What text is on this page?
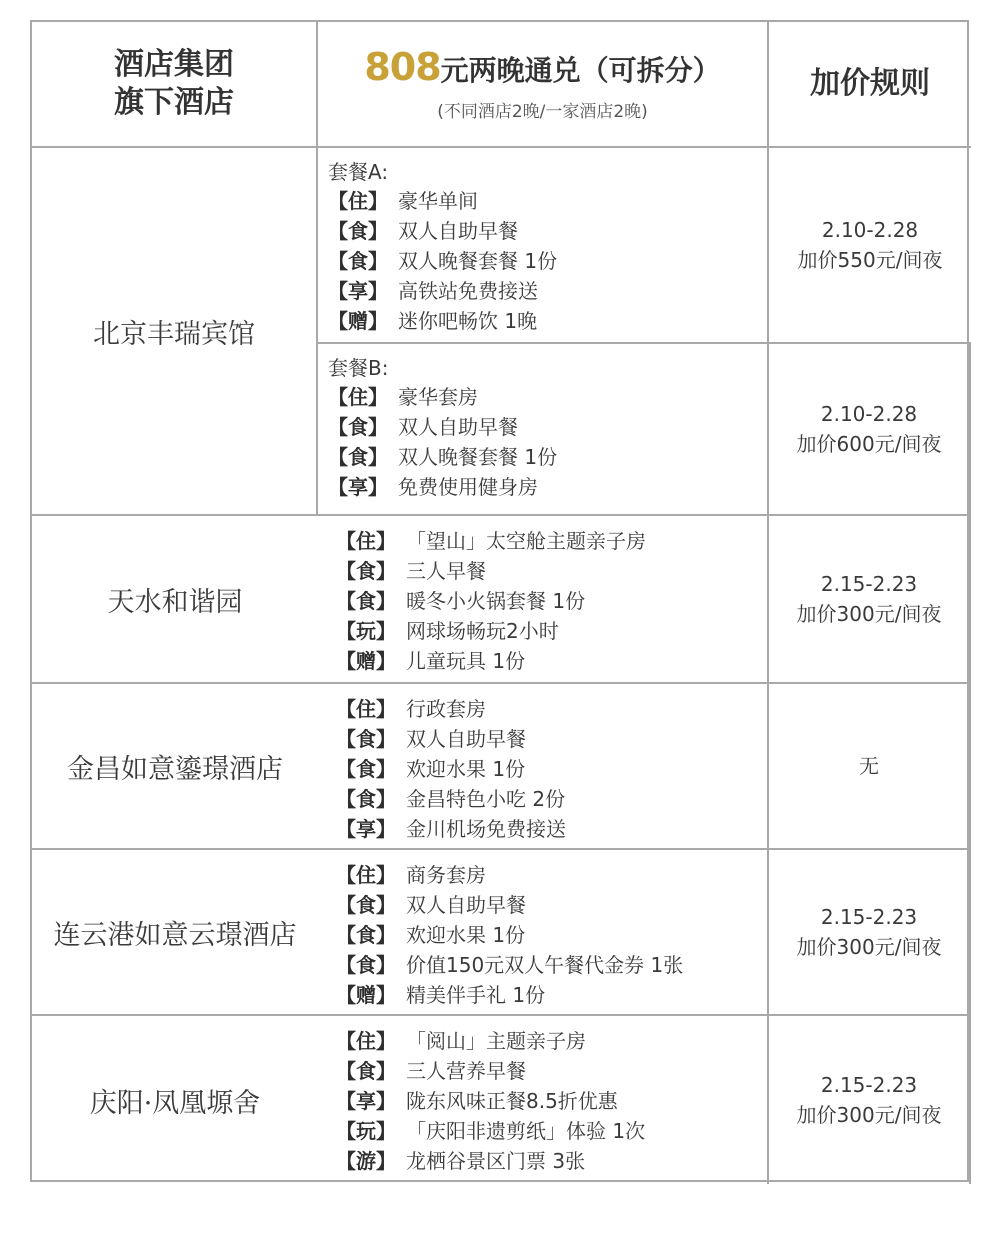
酒店集团
旗下酒店
808元两晚通兑（可拆分）
(不同酒店2晚/一家酒店2晚)
加价规则
北京丰瑞宾馆
套餐A:
【住】 豪华单间
【食】 双人自助早餐
【食】 双人晚餐套餐 1份
【享】 高铁站免费接送
【赠】 迷你吧畅饮 1晚
2.10-2.28
加价550元/间夜
套餐B:
【住】 豪华套房
【食】 双人自助早餐
【食】 双人晚餐套餐 1份
【享】 免费使用健身房
2.10-2.28
加价600元/间夜
天水和谐园
【住】 「望山」太空舱主题亲子房
【食】 三人早餐
【食】 暖冬小火锅套餐 1份
【玩】 网球场畅玩2小时
【赠】 儿童玩具 1份
2.15-2.23
加价300元/间夜
金昌如意鎏璟酒店
【住】 行政套房
【食】 双人自助早餐
【食】 欢迎水果 1份
【食】 金昌特色小吃 2份
【享】 金川机场免费接送
无
连云港如意云璟酒店
【住】 商务套房
【食】 双人自助早餐
【食】 欢迎水果 1份
【食】 价值150元双人午餐代金券 1张
【赠】 精美伴手礼 1份
2.15-2.23
加价300元/间夜
庆阳·凤凰塬舍
【住】 「阅山」主题亲子房
【食】 三人营养早餐
【享】 陇东风味正餐8.5折优惠
【玩】 「庆阳非遗剪纸」体验 1次
【游】 龙栖谷景区门票 3张
2.15-2.23
加价300元/间夜
